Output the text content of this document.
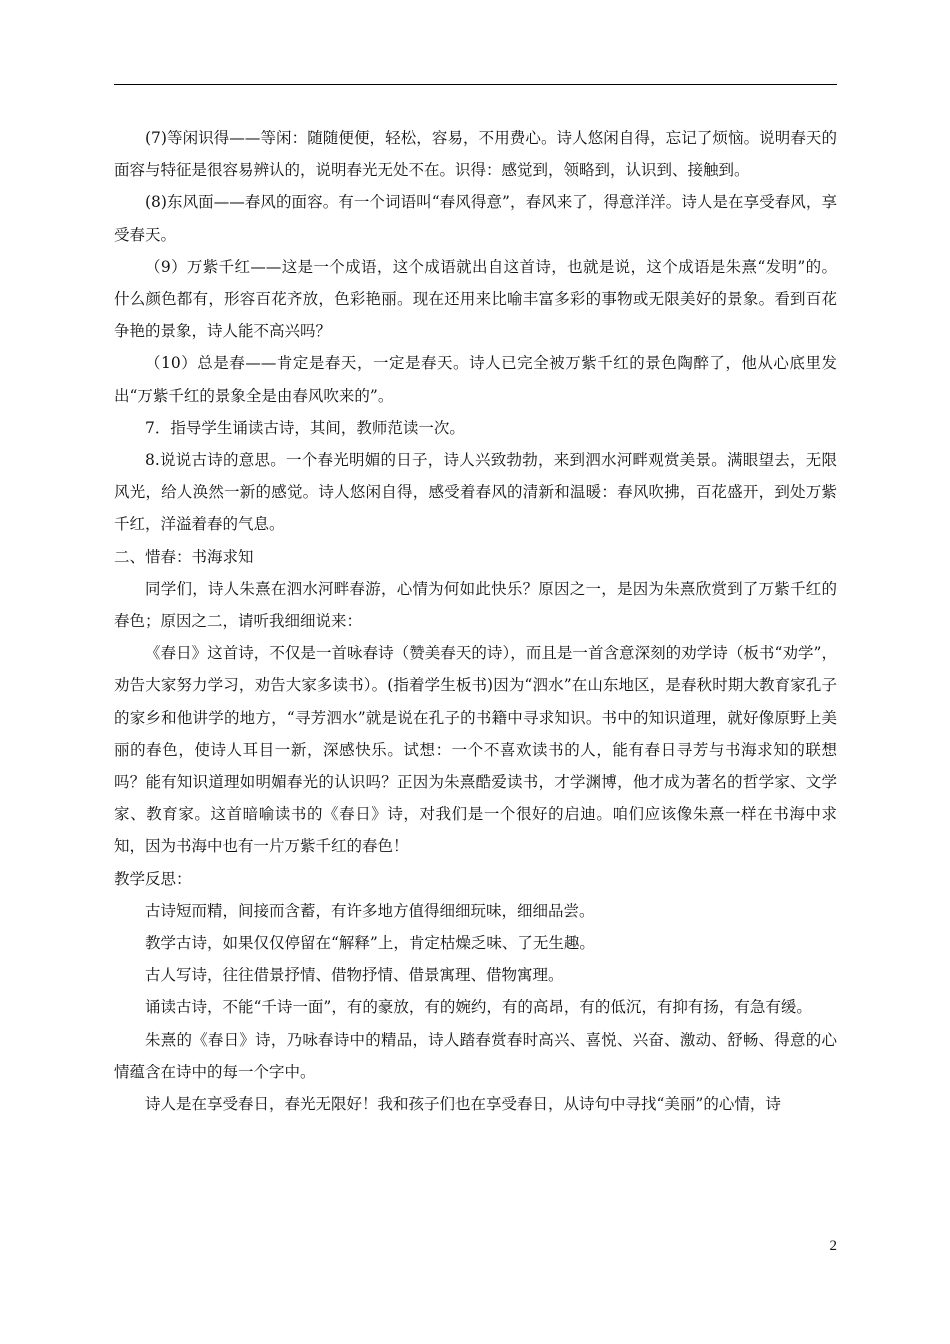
(7)等闲识得——等闲：随随便便，轻松，容易，不用费心。诗人悠闲自得，忘记了烦恼。说明春天的面容与特征是很容易辨认的，说明春光无处不在。识得：感觉到，领略到，认识到、接触到。

(8)东风面——春风的面容。有一个词语叫“春风得意”，春风来了，得意洋洋。诗人是在享受春风，享受春天。

（9）万紫千红——这是一个成语，这个成语就出自这首诗，也就是说，这个成语是朱熹“发明”的。什么颜色都有，形容百花齐放，色彩艳丽。现在还用来比喻丰富多彩的事物或无限美好的景象。看到百花争艳的景象，诗人能不高兴吗？

（10）总是春——肯定是春天，一定是春天。诗人已完全被万紫千红的景色陶醉了，他从心底里发出“万紫千红的景象全是由春风吹来的”。

7．指导学生诵读古诗，其间，教师范读一次。

8.说说古诗的意思。一个春光明媚的日子，诗人兴致勃勃，来到泗水河畔观赏美景。满眼望去，无限风光，给人涣然一新的感觉。诗人悠闲自得，感受着春风的清新和温暖：春风吹拂，百花盛开，到处万紫千红，洋溢着春的气息。

二、惜春：书海求知

同学们，诗人朱熹在泗水河畔春游，心情为何如此快乐？原因之一，是因为朱熹欣赏到了万紫千红的春色；原因之二，请听我细细说来：

《春日》这首诗，不仅是一首咏春诗（赞美春天的诗），而且是一首含意深刻的劝学诗（板书“劝学”，劝告大家努力学习，劝告大家多读书）。(指着学生板书)因为“泗水”在山东地区，是春秋时期大教育家孔子的家乡和他讲学的地方，“寻芳泗水”就是说在孔子的书籍中寻求知识。书中的知识道理，就好像原野上美丽的春色，使诗人耳目一新，深感快乐。试想：一个不喜欢读书的人，能有春日寻芳与书海求知的联想吗？能有知识道理如明媚春光的认识吗？正因为朱熹酷爱读书，才学渊博，他才成为著名的哲学家、文学家、教育家。这首暗喻读书的《春日》诗，对我们是一个很好的启迪。咱们应该像朱熹一样在书海中求知，因为书海中也有一片万紫千红的春色！

教学反思：

古诗短而精，间接而含蓄，有许多地方值得细细玩味，细细品尝。

教学古诗，如果仅仅停留在“解释”上，肯定枯燥乏味、了无生趣。

古人写诗，往往借景抒情、借物抒情、借景寓理、借物寓理。

诵读古诗，不能“千诗一面”，有的豪放，有的婉约，有的高昂，有的低沉，有抑有扬，有急有缓。

朱熹的《春日》诗，乃咏春诗中的精品，诗人踏春赏春时高兴、喜悦、兴奋、激动、舒畅、得意的心情蕴含在诗中的每一个字中。

诗人是在享受春日，春光无限好！我和孩子们也在享受春日，从诗句中寻找“美丽”的心情，诗

2
